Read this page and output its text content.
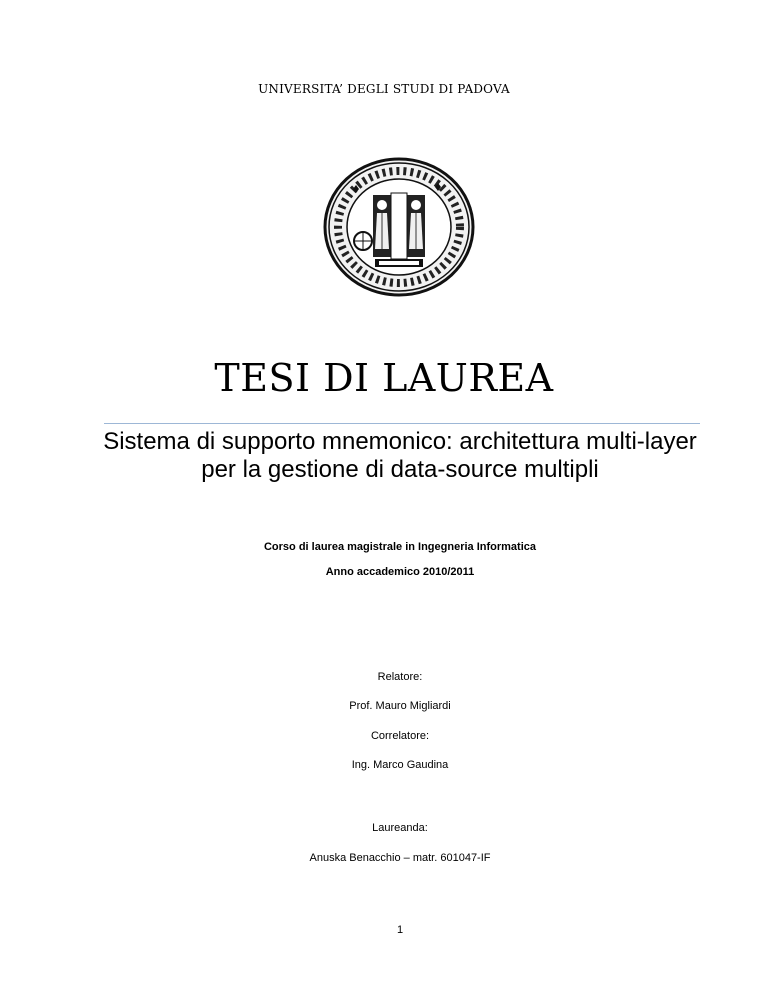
UNIVERSITA’ DEGLI STUDI DI PADOVA
TESI DI LAUREA
Sistema di supporto mnemonico: architettura multi-layer per la gestione di data-source multipli
Corso di laurea magistrale in Ingegneria Informatica
Anno accademico 2010/2011
Relatore:
Prof. Mauro Migliardi
Correlatore:
Ing. Marco Gaudina
Laureanda:
Anuska Benacchio – matr. 601047-IF
1
